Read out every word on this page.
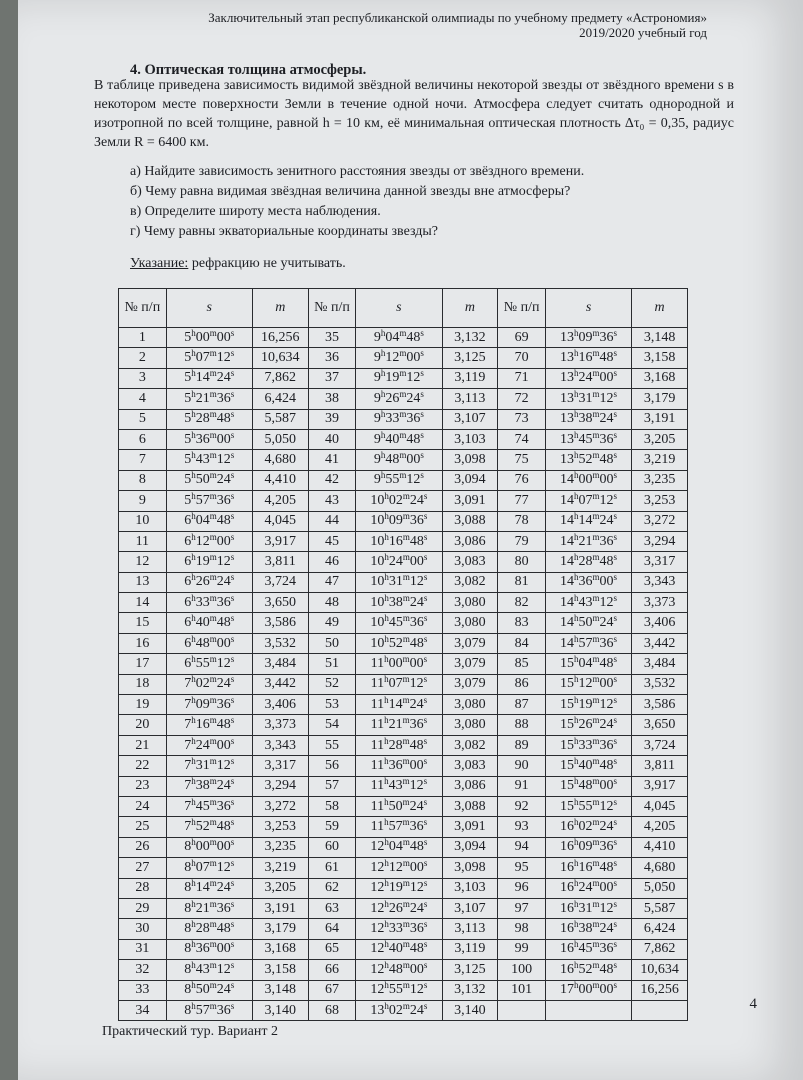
Заключительный этап республиканской олимпиады по учебному предмету «Астрономия»
2019/2020 учебный год
4. Оптическая толщина атмосферы.
В таблице приведена зависимость видимой звёздной величины некоторой звезды от звёздного времени s в некотором месте поверхности Земли в течение одной ночи. Атмосфера следует считать однородной и изотропной по всей толщине, равной h = 10 км, её минимальная оптическая плотность Δτ₀ = 0,35, радиус Земли R = 6400 км.
а) Найдите зависимость зенитного расстояния звезды от звёздного времени.
б) Чему равна видимая звёздная величина данной звезды вне атмосферы?
в) Определите широту места наблюдения.
г) Чему равны экваториальные координаты звезды?
Указание: рефракцию не учитывать.
№ п/п	s	m	№ п/п	s	m	№ п/п	s	m
1	5$^h$00$^m$00$^s$	16,256	35	9$^h$04$^m$48$^s$	3,132	69	13$^h$09$^m$36$^s$	3,148
2	5$^h$07$^m$12$^s$	10,634	36	9$^h$12$^m$00$^s$	3,125	70	13$^h$16$^m$48$^s$	3,158
3	5$^h$14$^m$24$^s$	7,862	37	9$^h$19$^m$12$^s$	3,119	71	13$^h$24$^m$00$^s$	3,168
4	5$^h$21$^m$36$^s$	6,424	38	9$^h$26$^m$24$^s$	3,113	72	13$^h$31$^m$12$^s$	3,179
5	5$^h$28$^m$48$^s$	5,587	39	9$^h$33$^m$36$^s$	3,107	73	13$^h$38$^m$24$^s$	3,191
6	5$^h$36$^m$00$^s$	5,050	40	9$^h$40$^m$48$^s$	3,103	74	13$^h$45$^m$36$^s$	3,205
7	5$^h$43$^m$12$^s$	4,680	41	9$^h$48$^m$00$^s$	3,098	75	13$^h$52$^m$48$^s$	3,219
8	5$^h$50$^m$24$^s$	4,410	42	9$^h$55$^m$12$^s$	3,094	76	14$^h$00$^m$00$^s$	3,235
9	5$^h$57$^m$36$^s$	4,205	43	10$^h$02$^m$24$^s$	3,091	77	14$^h$07$^m$12$^s$	3,253
10	6$^h$04$^m$48$^s$	4,045	44	10$^h$09$^m$36$^s$	3,088	78	14$^h$14$^m$24$^s$	3,272
11	6$^h$12$^m$00$^s$	3,917	45	10$^h$16$^m$48$^s$	3,086	79	14$^h$21$^m$36$^s$	3,294
12	6$^h$19$^m$12$^s$	3,811	46	10$^h$24$^m$00$^s$	3,083	80	14$^h$28$^m$48$^s$	3,317
13	6$^h$26$^m$24$^s$	3,724	47	10$^h$31$^m$12$^s$	3,082	81	14$^h$36$^m$00$^s$	3,343
14	6$^h$33$^m$36$^s$	3,650	48	10$^h$38$^m$24$^s$	3,080	82	14$^h$43$^m$12$^s$	3,373
15	6$^h$40$^m$48$^s$	3,586	49	10$^h$45$^m$36$^s$	3,080	83	14$^h$50$^m$24$^s$	3,406
16	6$^h$48$^m$00$^s$	3,532	50	10$^h$52$^m$48$^s$	3,079	84	14$^h$57$^m$36$^s$	3,442
17	6$^h$55$^m$12$^s$	3,484	51	11$^h$00$^m$00$^s$	3,079	85	15$^h$04$^m$48$^s$	3,484
18	7$^h$02$^m$24$^s$	3,442	52	11$^h$07$^m$12$^s$	3,079	86	15$^h$12$^m$00$^s$	3,532
19	7$^h$09$^m$36$^s$	3,406	53	11$^h$14$^m$24$^s$	3,080	87	15$^h$19$^m$12$^s$	3,586
20	7$^h$16$^m$48$^s$	3,373	54	11$^h$21$^m$36$^s$	3,080	88	15$^h$26$^m$24$^s$	3,650
21	7$^h$24$^m$00$^s$	3,343	55	11$^h$28$^m$48$^s$	3,082	89	15$^h$33$^m$36$^s$	3,724
22	7$^h$31$^m$12$^s$	3,317	56	11$^h$36$^m$00$^s$	3,083	90	15$^h$40$^m$48$^s$	3,811
23	7$^h$38$^m$24$^s$	3,294	57	11$^h$43$^m$12$^s$	3,086	91	15$^h$48$^m$00$^s$	3,917
24	7$^h$45$^m$36$^s$	3,272	58	11$^h$50$^m$24$^s$	3,088	92	15$^h$55$^m$12$^s$	4,045
25	7$^h$52$^m$48$^s$	3,253	59	11$^h$57$^m$36$^s$	3,091	93	16$^h$02$^m$24$^s$	4,205
26	8$^h$00$^m$00$^s$	3,235	60	12$^h$04$^m$48$^s$	3,094	94	16$^h$09$^m$36$^s$	4,410
27	8$^h$07$^m$12$^s$	3,219	61	12$^h$12$^m$00$^s$	3,098	95	16$^h$16$^m$48$^s$	4,680
28	8$^h$14$^m$24$^s$	3,205	62	12$^h$19$^m$12$^s$	3,103	96	16$^h$24$^m$00$^s$	5,050
29	8$^h$21$^m$36$^s$	3,191	63	12$^h$26$^m$24$^s$	3,107	97	16$^h$31$^m$12$^s$	5,587
30	8$^h$28$^m$48$^s$	3,179	64	12$^h$33$^m$36$^s$	3,113	98	16$^h$38$^m$24$^s$	6,424
31	8$^h$36$^m$00$^s$	3,168	65	12$^h$40$^m$48$^s$	3,119	99	16$^h$45$^m$36$^s$	7,862
32	8$^h$43$^m$12$^s$	3,158	66	12$^h$48$^m$00$^s$	3,125	100	16$^h$52$^m$48$^s$	10,634
33	8$^h$50$^m$24$^s$	3,148	67	12$^h$55$^m$12$^s$	3,132	101	17$^h$00$^m$00$^s$	16,256
34	8$^h$57$^m$36$^s$	3,140	68	13$^h$02$^m$24$^s$	3,140				4
Практический тур. Вариант 2
